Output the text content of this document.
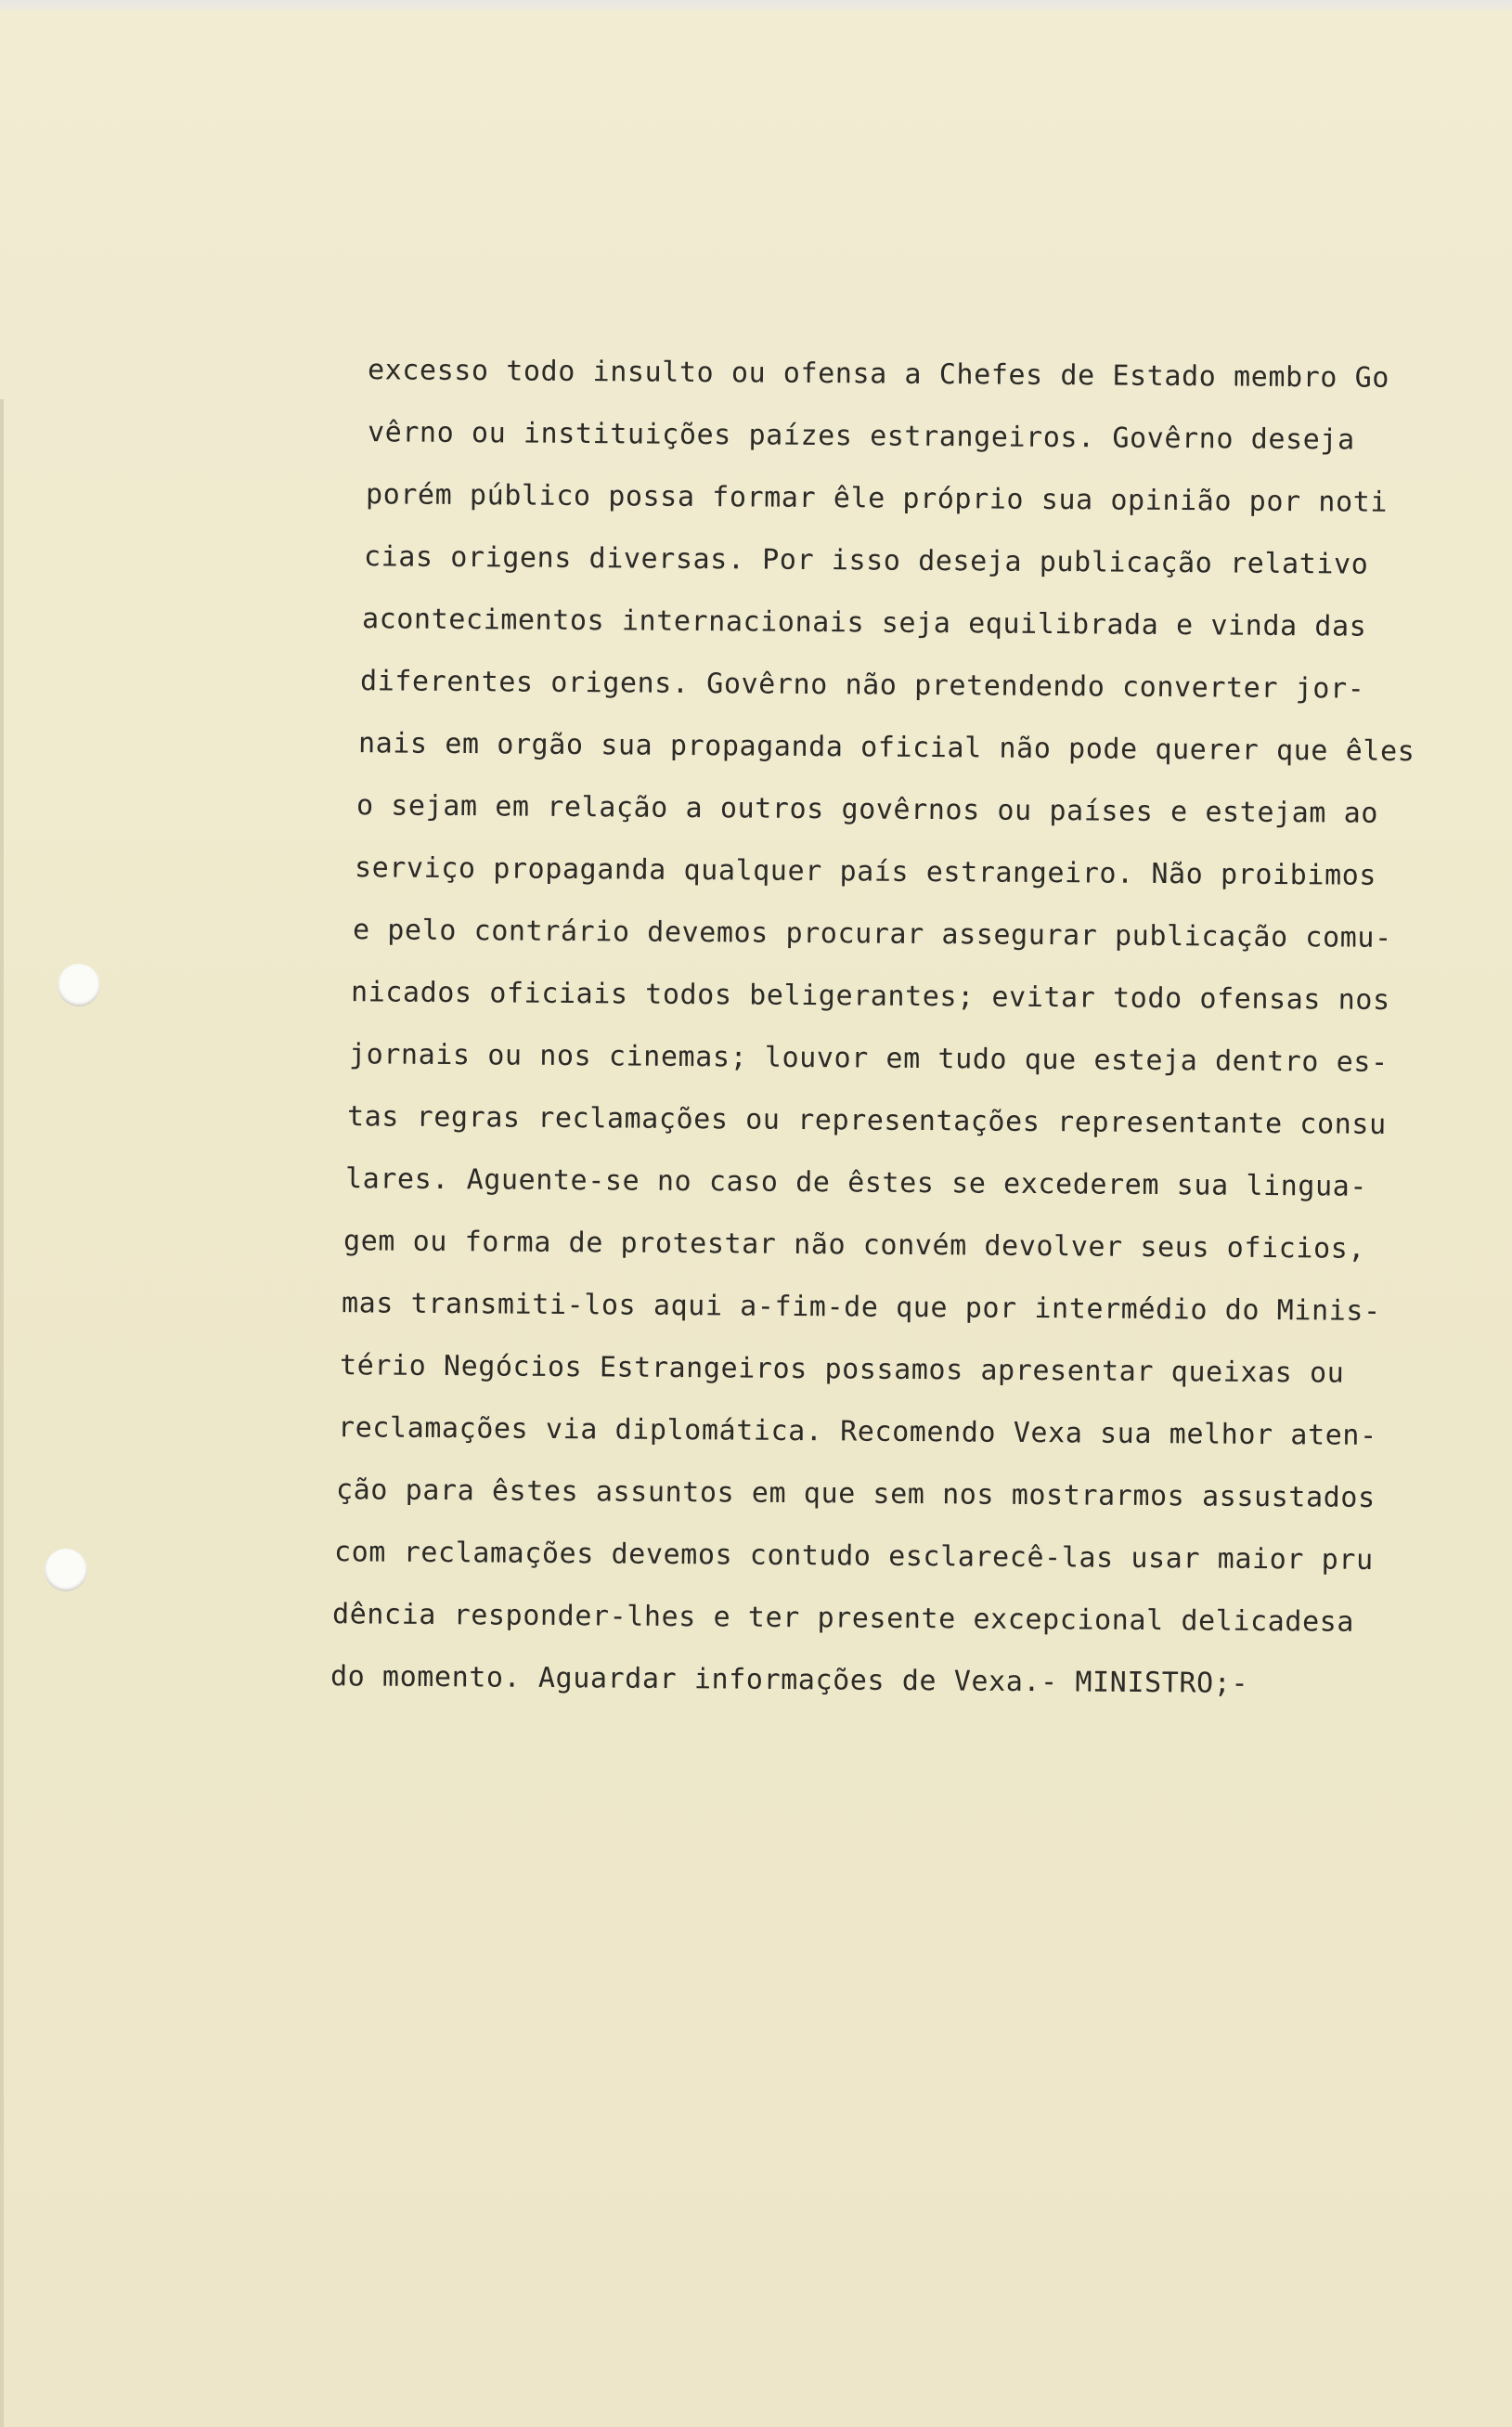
excesso todo insulto ou ofensa a Chefes de Estado membro Go
vêrno ou instituições paízes estrangeiros. Govêrno deseja
porém público possa formar êle próprio sua opinião por noti
cias origens diversas. Por isso deseja publicação relativo
acontecimentos internacionais seja equilibrada e vinda das
diferentes origens. Govêrno não pretendendo converter jor-
nais em orgão sua propaganda oficial não pode querer que êles
o sejam em relação a outros govêrnos ou países e estejam ao
serviço propaganda qualquer país estrangeiro. Não proibimos
e pelo contrário devemos procurar assegurar publicação comu-
nicados oficiais todos beligerantes; evitar todo ofensas nos
jornais ou nos cinemas; louvor em tudo que esteja dentro es-
tas regras reclamações ou representações representante consu
lares. Aguente-se no caso de êstes se excederem sua lingua-
gem ou forma de protestar não convém devolver seus oficios,
mas transmiti-los aqui a-fim-de que por intermédio do Minis-
tério Negócios Estrangeiros possamos apresentar queixas ou
reclamações via diplomática. Recomendo Vexa sua melhor aten-
ção para êstes assuntos em que sem nos mostrarmos assustados
com reclamações devemos contudo esclarecê-las usar maior pru
dência responder-lhes e ter presente excepcional delicadesa
do momento. Aguardar informações de Vexa.- MINISTRO;-
